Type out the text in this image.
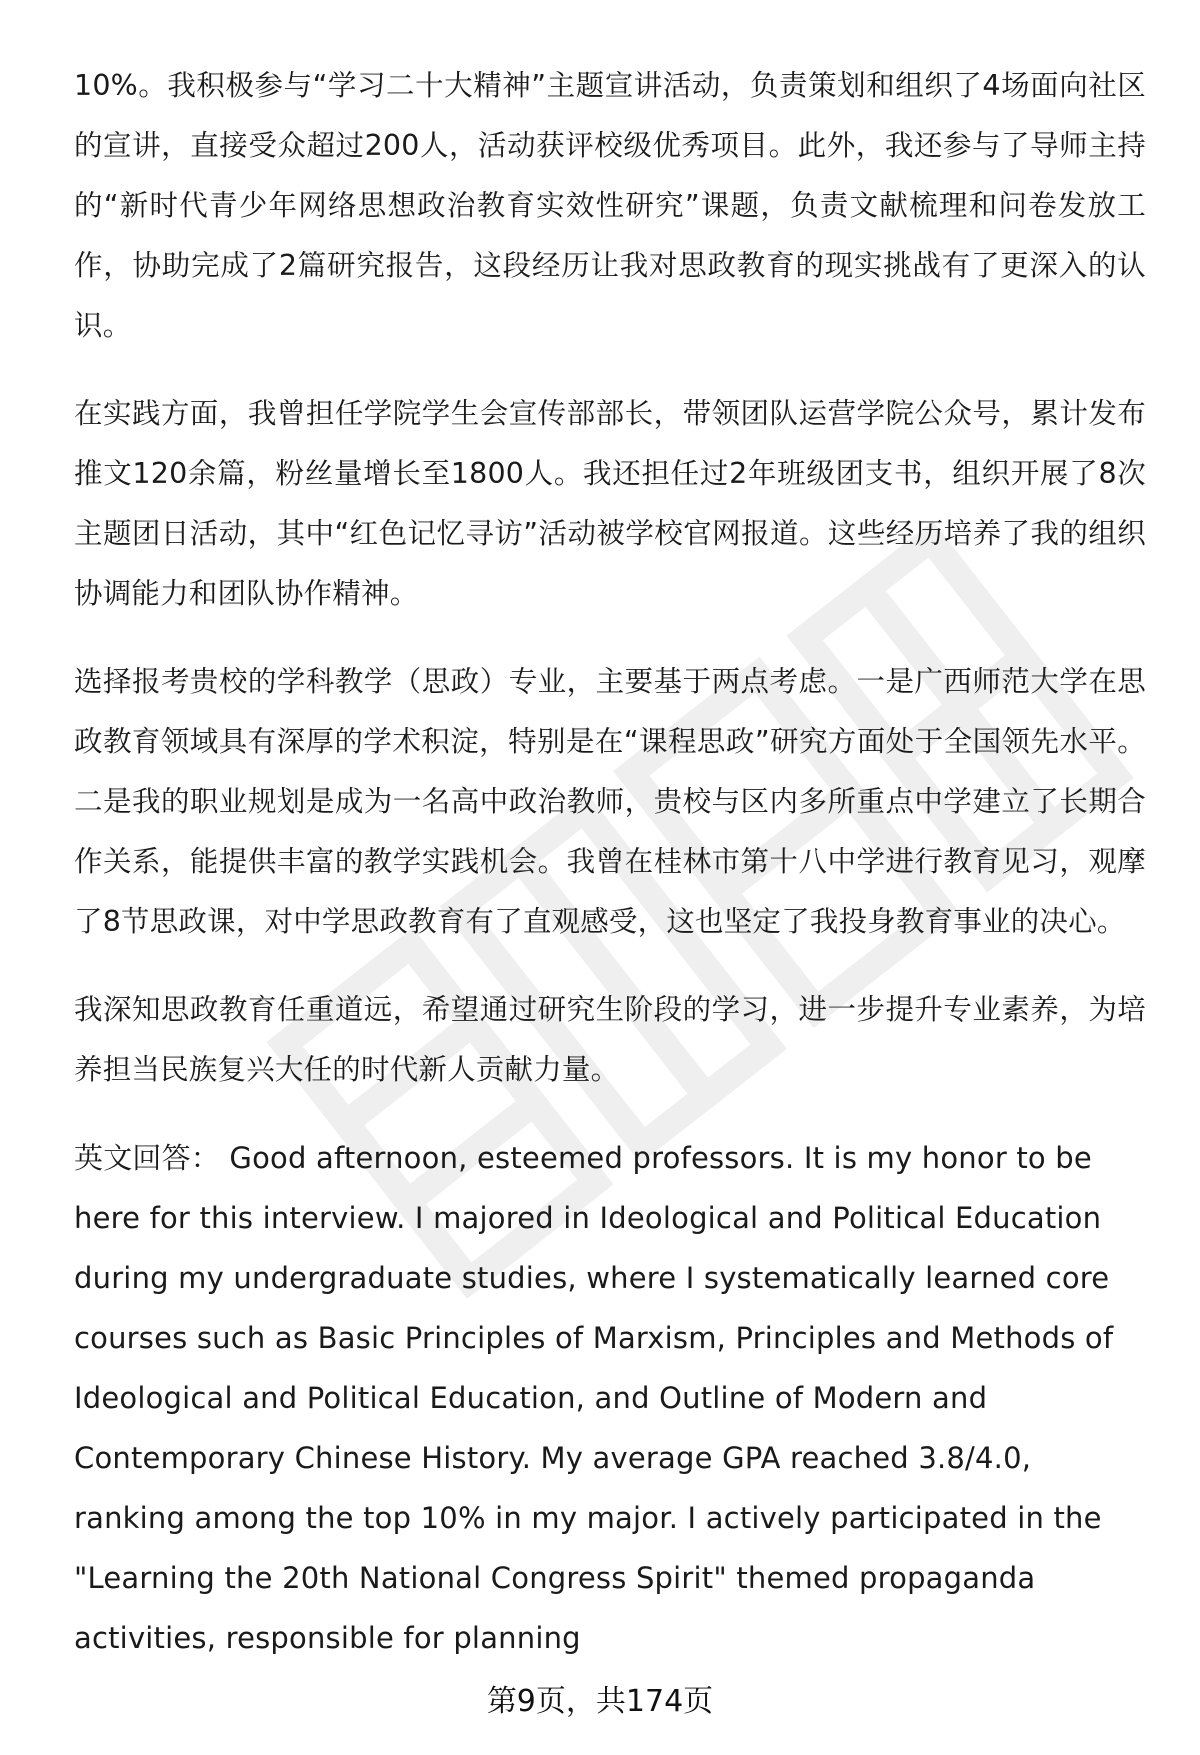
10%。我积极参与“学习二十大精神”主题宣讲活动，负责策划和组织了4场面向社区的宣讲，直接受众超过200人，活动获评校级优秀项目。此外，我还参与了导师主持的“新时代青少年网络思想政治教育实效性研究”课题，负责文献梳理和问卷发放工作，协助完成了2篇研究报告，这段经历让我对思政教育的现实挑战有了更深入的认识。

在实践方面，我曾担任学院学生会宣传部部长，带领团队运营学院公众号，累计发布推文120余篇，粉丝量增长至1800人。我还担任过2年班级团支书，组织开展了8次主题团日活动，其中“红色记忆寻访”活动被学校官网报道。这些经历培养了我的组织协调能力和团队协作精神。

选择报考贵校的学科教学（思政）专业，主要基于两点考虑。一是广西师范大学在思政教育领域具有深厚的学术积淀，特别是在“课程思政”研究方面处于全国领先水平。二是我的职业规划是成为一名高中政治教师，贵校与区内多所重点中学建立了长期合作关系，能提供丰富的教学实践机会。我曾在桂林市第十八中学进行教育见习，观摩了8节思政课，对中学思政教育有了直观感受，这也坚定了我投身教育事业的决心。

我深知思政教育任重道远，希望通过研究生阶段的学习，进一步提升专业素养，为培养担当民族复兴大任的时代新人贡献力量。

英文回答： Good afternoon, esteemed professors. It is my honor to be here for this interview. I majored in Ideological and Political Education during my undergraduate studies, where I systematically learned core courses such as Basic Principles of Marxism, Principles and Methods of Ideological and Political Education, and Outline of Modern and Contemporary Chinese History. My average GPA reached 3.8/4.0, ranking among the top 10% in my major. I actively participated in the "Learning the 20th National Congress Spirit" themed propaganda activities, responsible for planning

第9页，共174页
